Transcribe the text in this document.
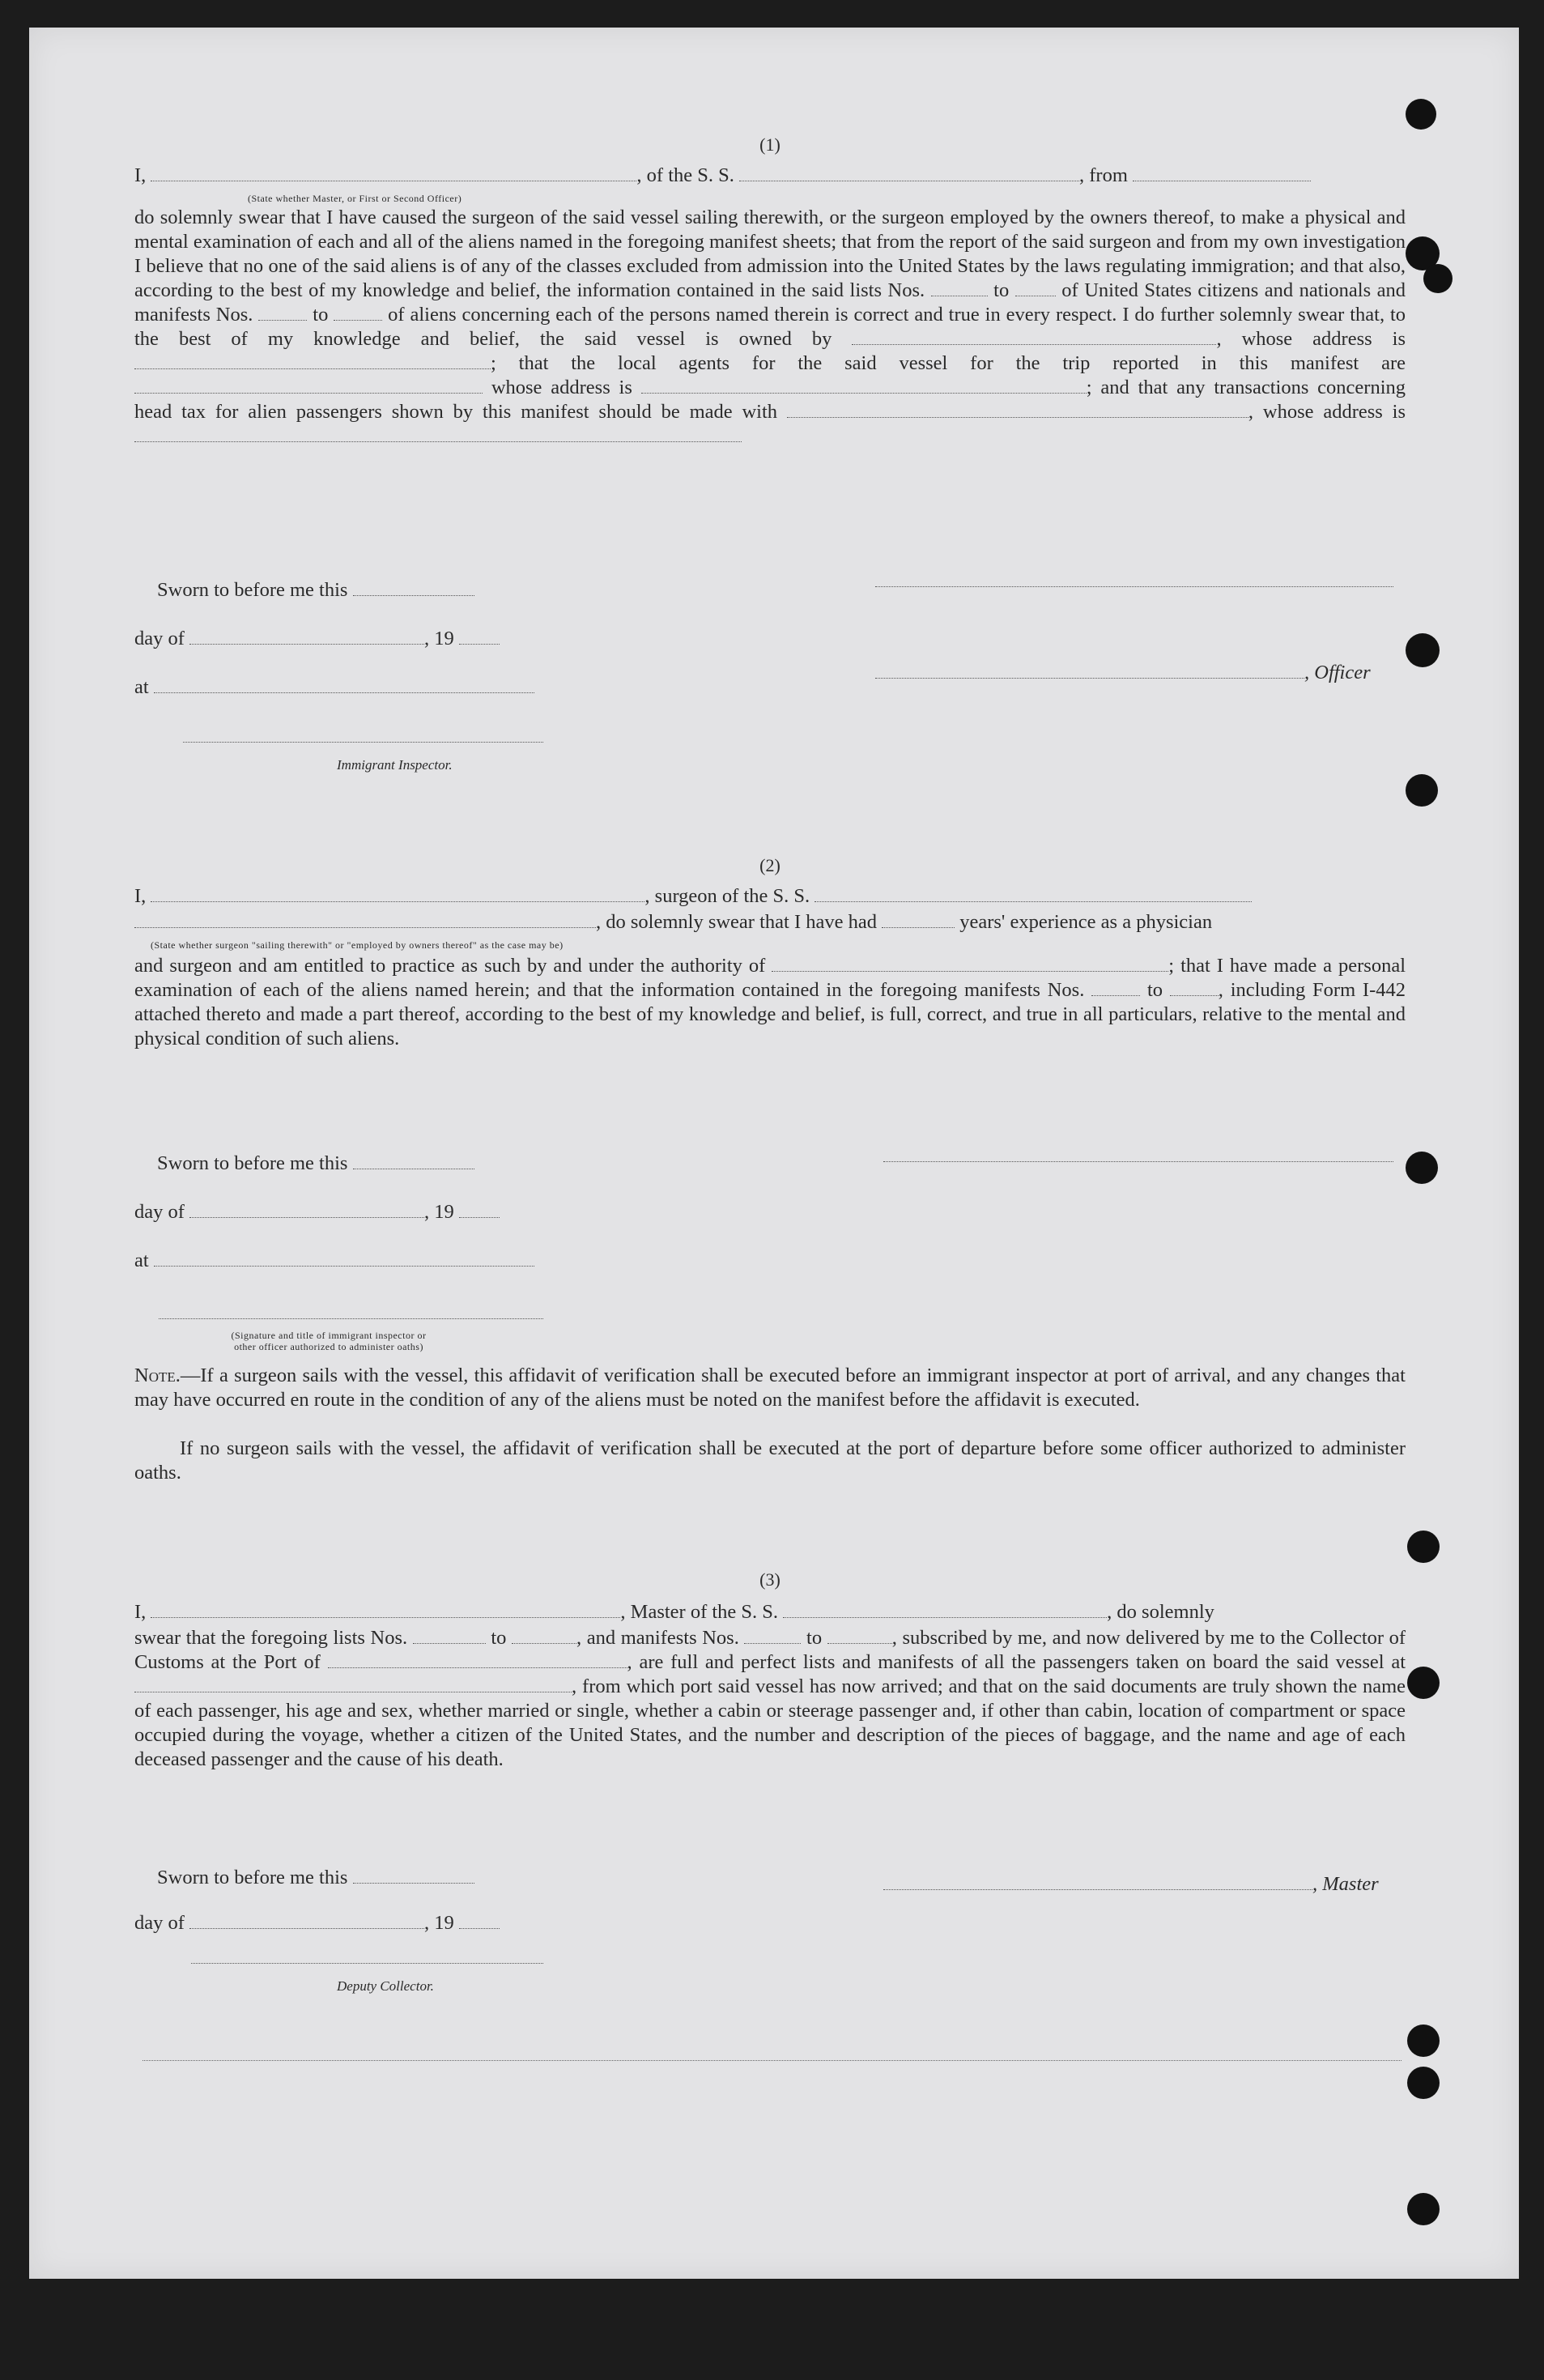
(1)
I,	, of the S. S.	, from
(State whether Master, or First or Second Officer)
do solemnly swear that I have caused the surgeon of the said vessel sailing therewith, or the surgeon employed by the owners thereof, to make a physical and mental examination of each and all of the aliens named in the foregoing manifest sheets; that from the report of the said surgeon and from my own investigation I believe that no one of the said aliens is of any of the classes excluded from admission into the United States by the laws regulating immigration; and that also, according to the best of my knowledge and belief, the information contained in the said lists Nos.	to	of United States citizens and nationals and manifests Nos.	to	of aliens concerning each of the persons named therein is correct and true in every respect. I do further solemnly swear that, to the best of my knowledge and belief, the said vessel is owned by	, whose address is ; that the local agents for the said vessel for the trip reported in this manifest are  whose address is	; and that any transactions concerning head tax for alien passengers shown by this manifest should be made with	, whose address is
Sworn to before me this
day of	, 19
, Officer
at
Immigrant Inspector.
(2)
I,	, surgeon of the S. S.
, do solemnly swear that I have had	years' experience as a physician
(State whether surgeon "sailing therewith" or "employed by owners thereof" as the case may be)
and surgeon and am entitled to practice as such by and under the authority of	; that I have made a personal examination of each of the aliens named herein; and that the information contained in the foregoing manifests Nos.	to	, including Form I-442 attached thereto and made a part thereof, according to the best of my knowledge and belief, is full, correct, and true in all particulars, relative to the mental and physical condition of such aliens.
Sworn to before me this
day of	, 19
at
(Signature and title of immigrant inspector or other officer authorized to administer oaths)
Note.—If a surgeon sails with the vessel, this affidavit of verification shall be executed before an immigrant inspector at port of arrival, and any changes that may have occurred en route in the condition of any of the aliens must be noted on the manifest before the affidavit is executed.
If no surgeon sails with the vessel, the affidavit of verification shall be executed at the port of departure before some officer authorized to administer oaths.
(3)
I,	, Master of the S. S.	, do solemnly
swear that the foregoing lists Nos.	to	, and manifests Nos.	to	, subscribed by me, and now delivered by me to the Collector of Customs at the Port of	, are full and perfect lists and manifests of all the passengers taken on board the said vessel at , from which port said vessel has now arrived; and that on the said documents are truly shown the name of each passenger, his age and sex, whether married or single, whether a cabin or steerage passenger and, if other than cabin, location of compartment or space occupied during the voyage, whether a citizen of the United States, and the number and description of the pieces of baggage, and the name and age of each deceased passenger and the cause of his death.
Sworn to before me this	, Master
day of	, 19
Deputy Collector.
